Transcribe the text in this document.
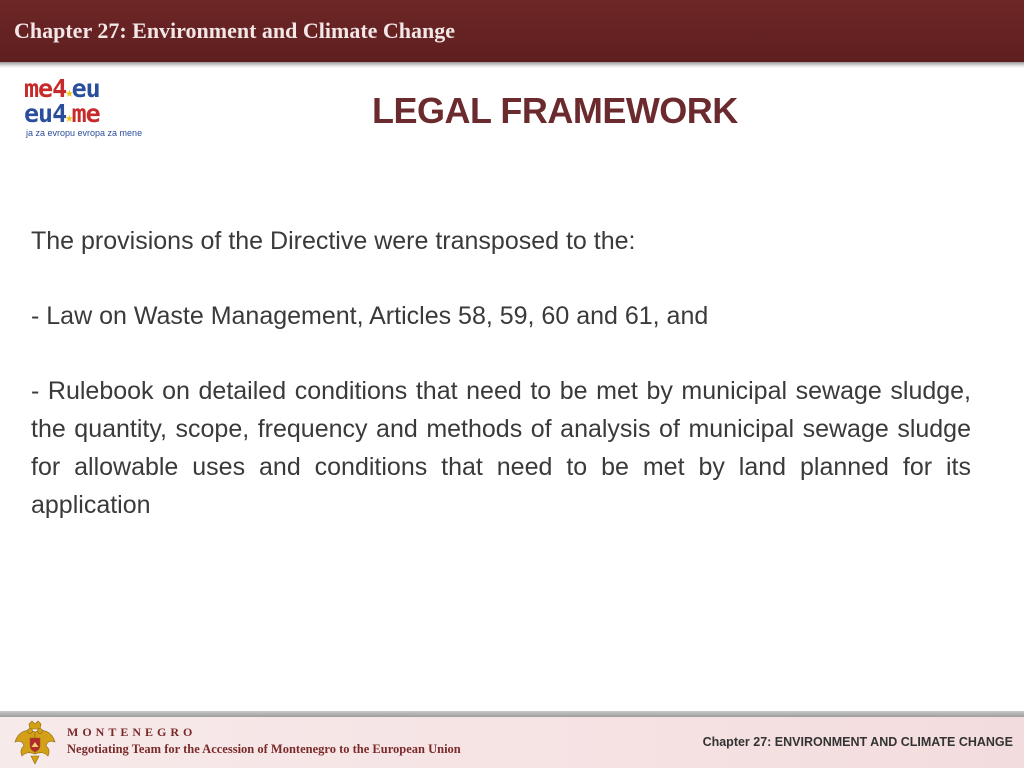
Chapter 27: Environment and Climate Change
me4★eu
eu4★me
ja za evropu evropa za mene
LEGAL FRAMEWORK

The provisions of the Directive were transposed to the:

- Law on Waste Management, Articles 58, 59, 60 and 61, and

- Rulebook on detailed conditions that need to be met by municipal sewage sludge, the quantity, scope, frequency and methods of analysis of municipal sewage sludge for allowable uses and conditions that need to be met by land planned for its application

MONTENEGRO
Negotiating Team for the Accession of Montenegro to the European Union	Chapter 27: ENVIRONMENT AND CLIMATE CHANGE
